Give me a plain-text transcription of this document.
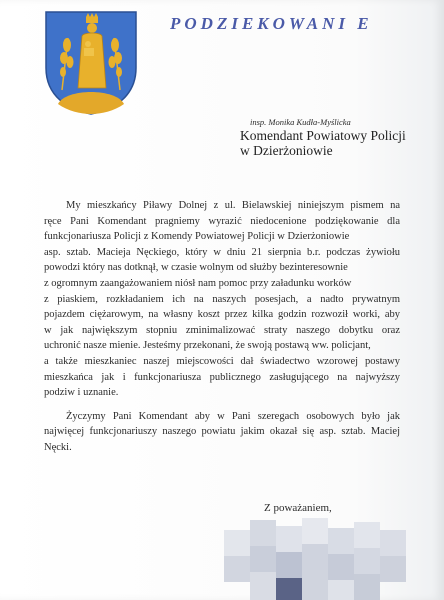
PODZIEKOWANI E
insp. Monika Kudła-Myślicka
Komendant Powiatowy Policji
w Dzierżoniowie

My mieszkańcy Piławy Dolnej z ul. Bielawskiej niniejszym pismem na
ręce Pani Komendant pragniemy wyrazić niedocenione podziękowanie dla
funkcjonariusza Policji z Komendy Powiatowej Policji w Dzierżoniowie
asp. sztab. Macieja Nęckiego, który w dniu 21 sierpnia b.r. podczas żywiołu
powodzi który nas dotknął, w czasie wolnym od służby bezinteresownie
z ogromnym zaangażowaniem niósł nam pomoc przy załadunku worków
z piaskiem, rozkładaniem ich na naszych posesjach, a nadto prywatnym
pojazdem ciężarowym, na własny koszt przez kilka godzin rozwoził worki, aby
w jak największym stopniu zminimalizować straty naszego dobytku oraz
uchronić nasze mienie. Jesteśmy przekonani, że swoją postawą ww. policjant,
a także mieszkaniec naszej miejscowości dał świadectwo wzorowej postawy
mieszkańca jak i funkcjonariusza publicznego zasługującego na najwyższy
podziw i uznanie.

Życzymy Pani Komendant aby w Pani szeregach osobowych było jak
najwięcej funkcjonariuszy naszego powiatu jakim okazał się asp. sztab. Maciej
Nęcki.

Z poważaniem,
